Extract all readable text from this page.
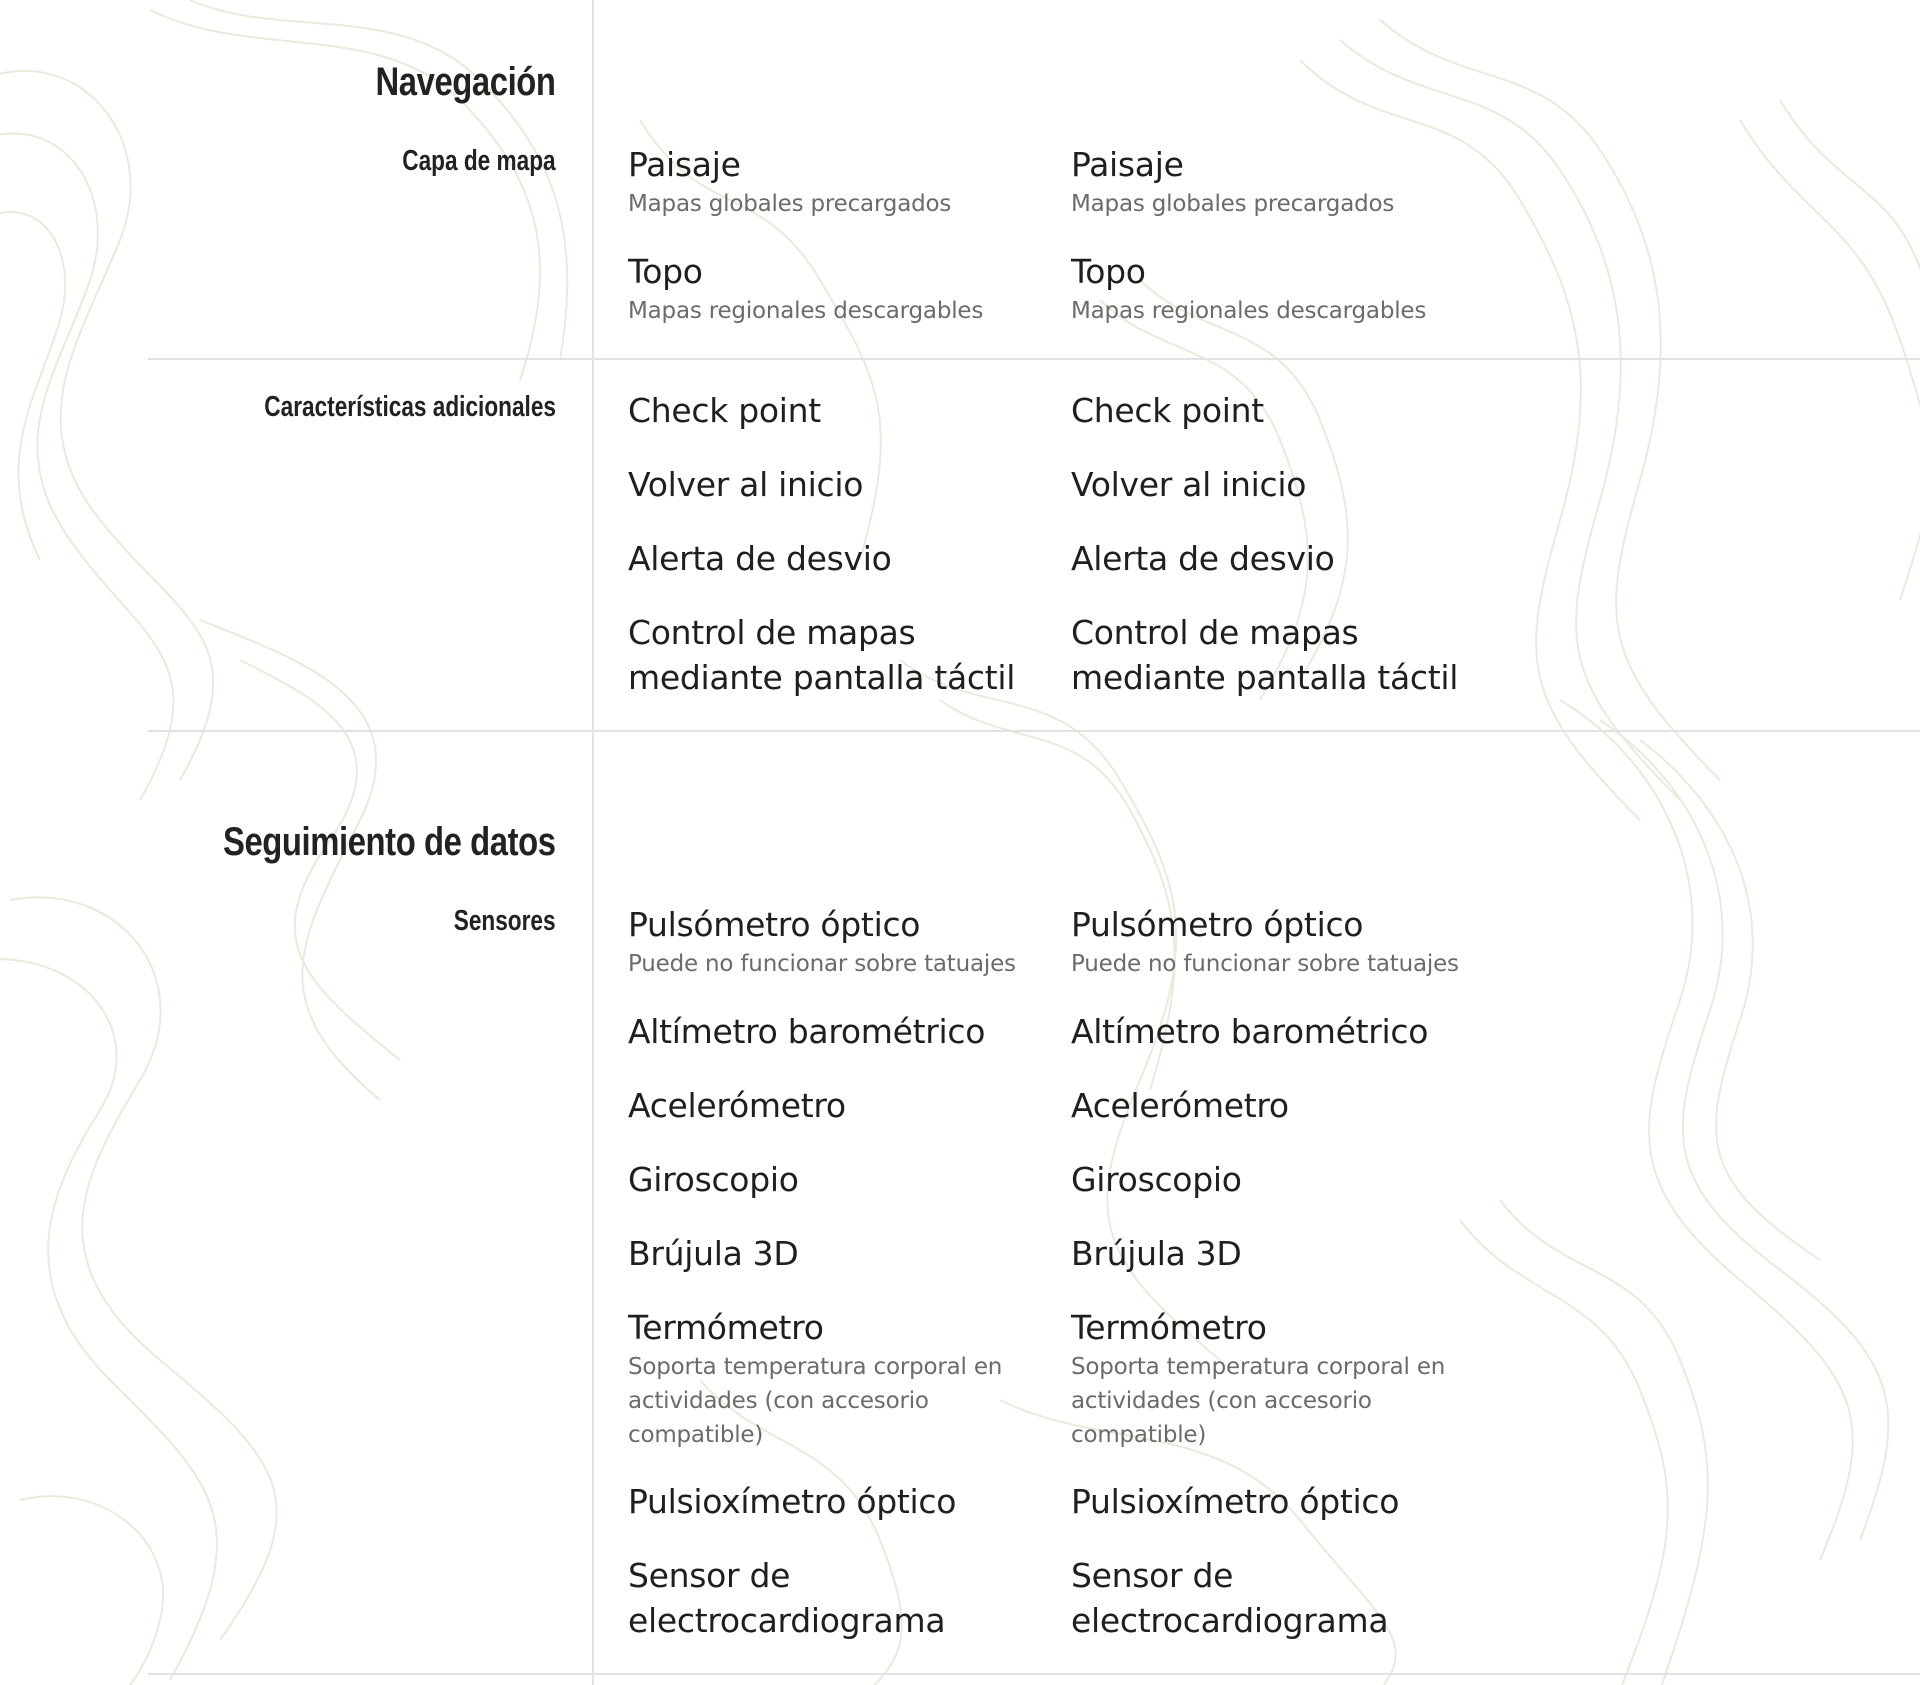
Navegación
Capa de mapa Paisaje
Mapas globales precargados
Topo
Mapas regionales descargables
Paisaje
Mapas globales precargados
Topo
Mapas regionales descargables
Características adicionales Check point
Volver al inicio
Alerta de desvio
Control de mapas mediante pantalla táctil
Check point
Volver al inicio
Alerta de desvio
Control de mapas mediante pantalla táctil
Seguimiento de datos
Sensores Pulsómetro óptico
Puede no funcionar sobre tatuajes
Altímetro barométrico
Acelerómetro
Giroscopio
Brújula 3D
Termómetro
Soporta temperatura corporal en actividades (con accesorio compatible)
Pulsioxímetro óptico
Sensor de electrocardiograma
Pulsómetro óptico
Puede no funcionar sobre tatuajes
Altímetro barométrico
Acelerómetro
Giroscopio
Brújula 3D
Termómetro
Soporta temperatura corporal en actividades (con accesorio compatible)
Pulsioxímetro óptico
Sensor de electrocardiograma
